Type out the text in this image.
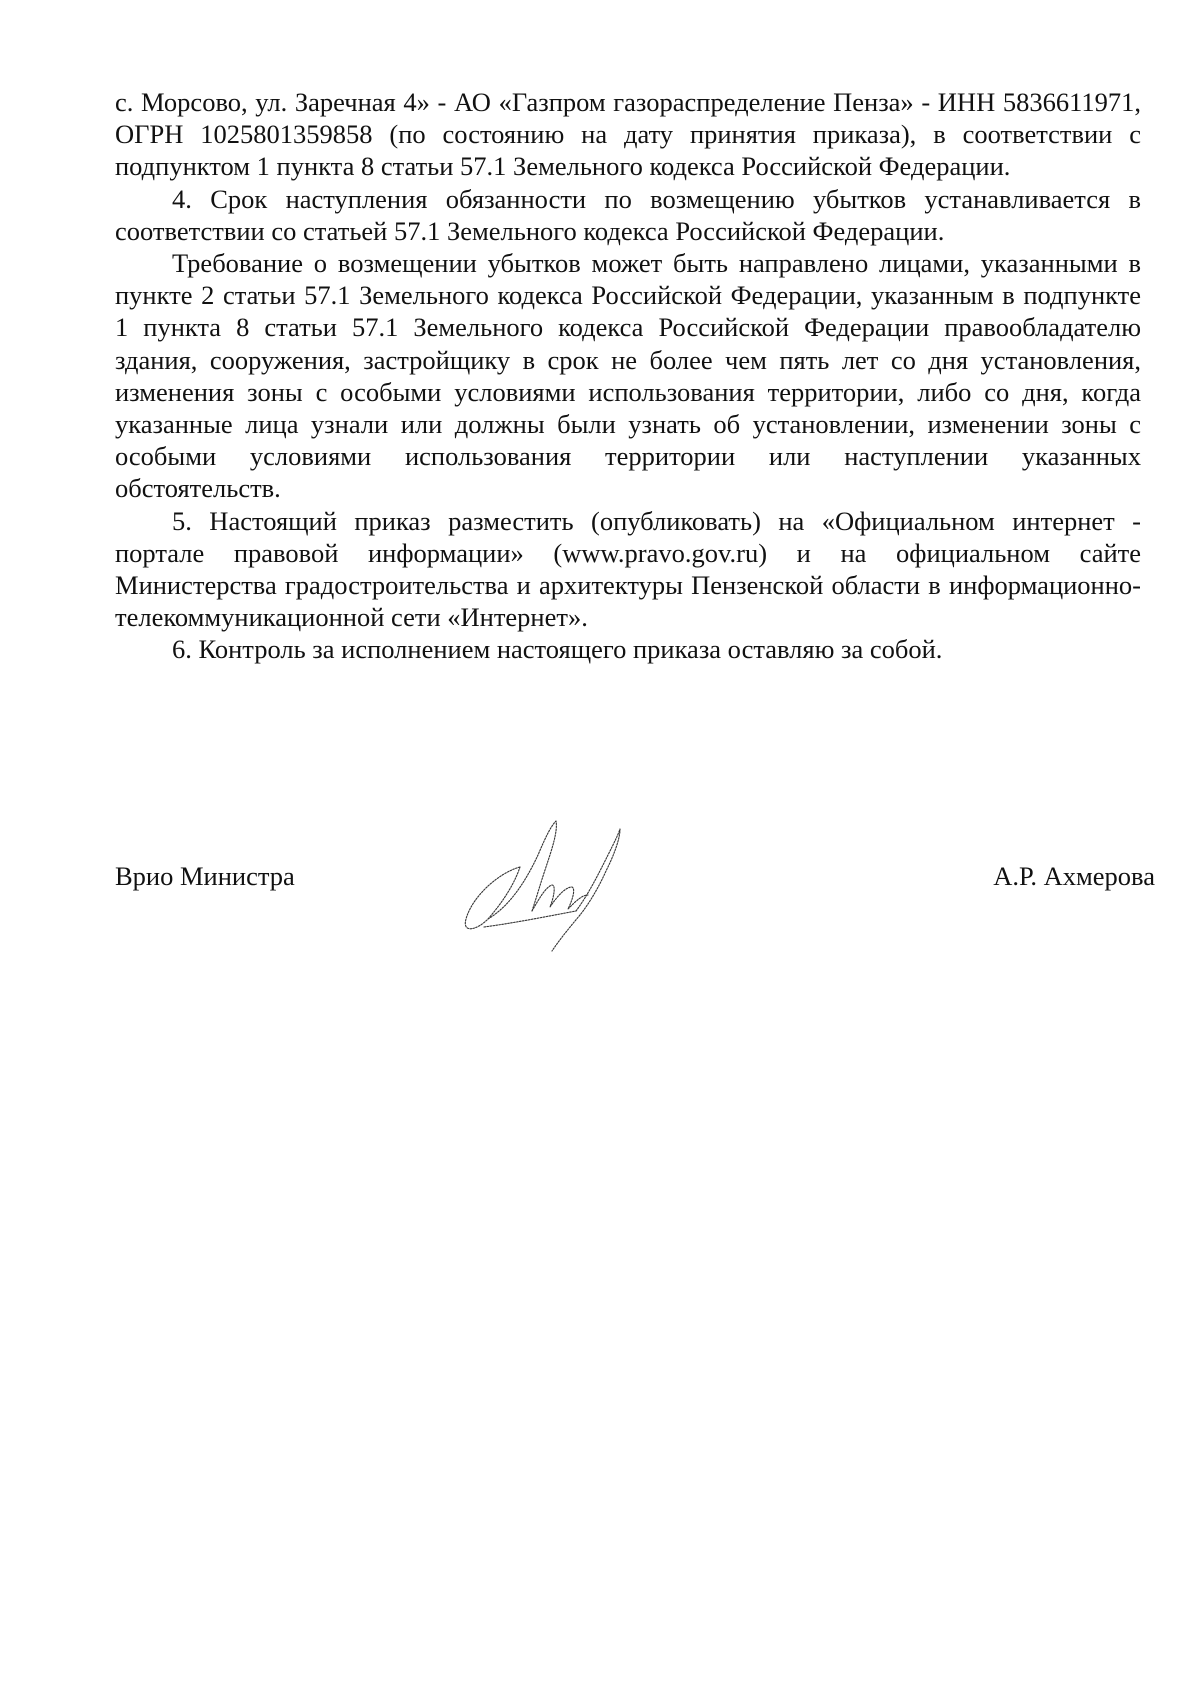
с. Морсово, ул. Заречная 4» - АО «Газпром газораспределение Пенза» - ИНН 5836611971, ОГРН 1025801359858 (по состоянию на дату принятия приказа), в соответствии с подпунктом 1 пункта 8 статьи 57.1 Земельного кодекса Российской Федерации.

4. Срок наступления обязанности по возмещению убытков устанавливается в соответствии со статьей 57.1 Земельного кодекса Российской Федерации.

Требование о возмещении убытков может быть направлено лицами, указанными в пункте 2 статьи 57.1 Земельного кодекса Российской Федерации, указанным в подпункте 1 пункта 8 статьи 57.1 Земельного кодекса Российской Федерации правообладателю здания, сооружения, застройщику в срок не более чем пять лет со дня установления, изменения зоны с особыми условиями использования территории, либо со дня, когда указанные лица узнали или должны были узнать об установлении, изменении зоны с особыми условиями использования территории или наступлении указанных обстоятельств.

5. Настоящий приказ разместить (опубликовать) на «Официальном интернет - портале правовой информации» (www.pravo.gov.ru) и на официальном сайте Министерства градостроительства и архитектуры Пензенской области в информационно-телекоммуникационной сети «Интернет».

6. Контроль за исполнением настоящего приказа оставляю за собой.

Врио Министра	А.Р. Ахмерова
